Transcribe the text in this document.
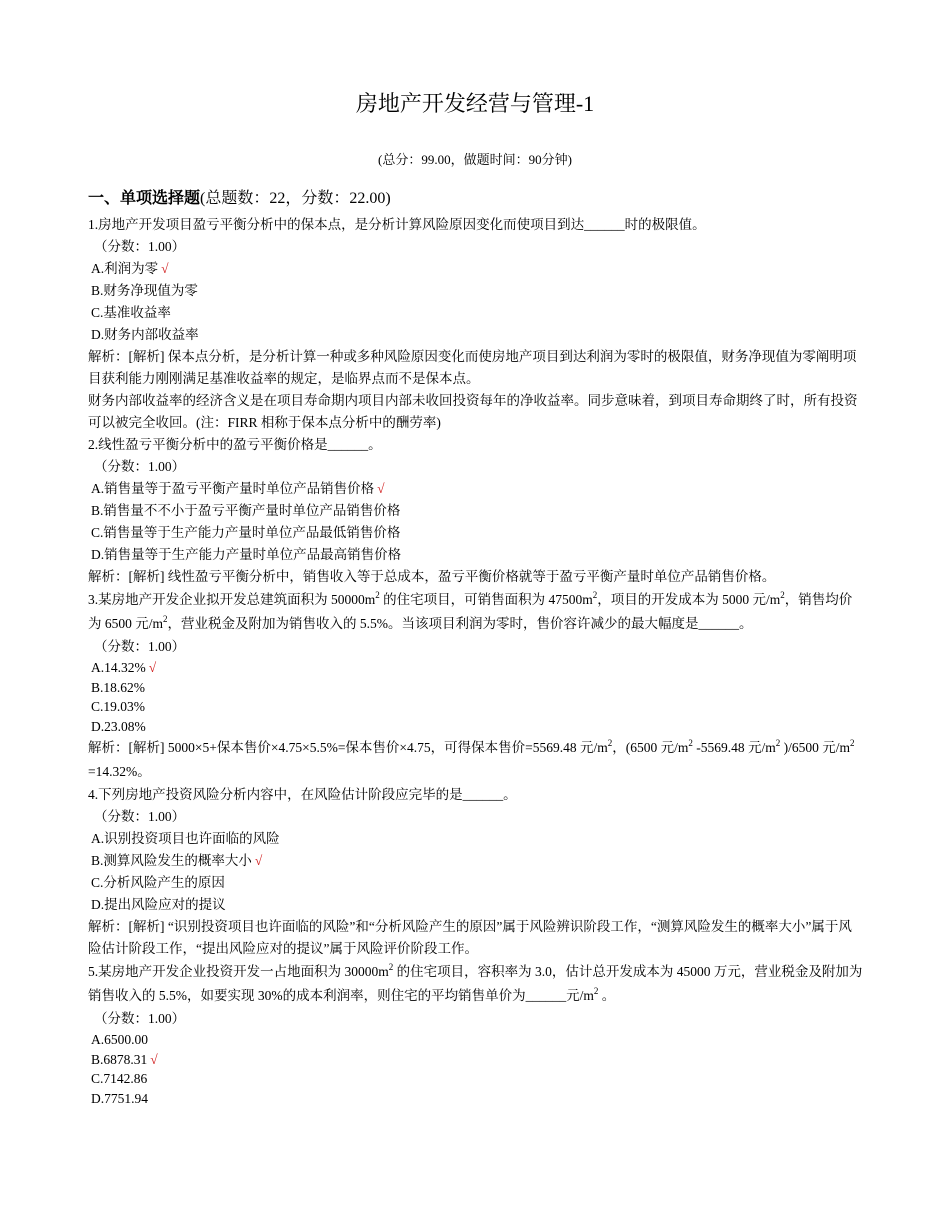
房地产开发经营与管理-1
(总分：99.00，做题时间：90分钟)
一、单项选择题(总题数：22，分数：22.00)

1.房地产开发项目盈亏平衡分析中的保本点，是分析计算风险原因变化而使项目到达______时的极限值。

（分数：1.00）

A.利润为零 √

B.财务净现值为零

C.基准收益率

D.财务内部收益率

解析：[解析] 保本点分析，是分析计算一种或多种风险原因变化而使房地产项目到达利润为零时的极限值，财务净现值为零阐明项目获利能力刚刚满足基准收益率的规定，是临界点而不是保本点。

财务内部收益率的经济含义是在项目寿命期内项目内部未收回投资每年的净收益率。同步意味着，到项目寿命期终了时，所有投资可以被完全收回。(注：FIRR 相称于保本点分析中的酬劳率)

2.线性盈亏平衡分析中的盈亏平衡价格是______。

（分数：1.00）

A.销售量等于盈亏平衡产量时单位产品销售价格 √

B.销售量不不小于盈亏平衡产量时单位产品销售价格

C.销售量等于生产能力产量时单位产品最低销售价格

D.销售量等于生产能力产量时单位产品最高销售价格

解析：[解析] 线性盈亏平衡分析中，销售收入等于总成本，盈亏平衡价格就等于盈亏平衡产量时单位产品销售价格。

3.某房地产开发企业拟开发总建筑面积为 $50000m^2$ 的住宅项目，可销售面积为 $47500m^2$，项目的开发成本为 5000 元$/m^2$，销售均价为 6500 元$/m^2$，营业税金及附加为销售收入的 5.5%。当该项目利润为零时，售价容许减少的最大幅度是______。

（分数：1.00）

A.14.32% √

B.18.62%

C.19.03%

D.23.08%

解析：[解析] 5000×5+保本售价×4.75×5.5%=保本售价×4.75，可得保本售价=5569.48 元$/m^2$，(6500 元$/m^2$ -5569.48 元$/m^2$ )/6500 元$/m^2 =14.32\%$。

4.下列房地产投资风险分析内容中，在风险估计阶段应完毕的是______。

（分数：1.00）

A.识别投资项目也许面临的风险

B.测算风险发生的概率大小 √

C.分析风险产生的原因

D.提出风险应对的提议

解析：[解析] “识别投资项目也许面临的风险”和“分析风险产生的原因”属于风险辨识阶段工作，“测算风险发生的概率大小”属于风险估计阶段工作，“提出风险应对的提议”属于风险评价阶段工作。

5.某房地产开发企业投资开发一占地面积为 $30000m^2$ 的住宅项目，容积率为 3.0，估计总开发成本为 45000 万元，营业税金及附加为销售收入的 5.5%，如要实现 30%的成本利润率，则住宅的平均销售单价为______元$/m^2$ 。

（分数：1.00）

A.6500.00

B.6878.31 √

C.7142.86

D.7751.94
